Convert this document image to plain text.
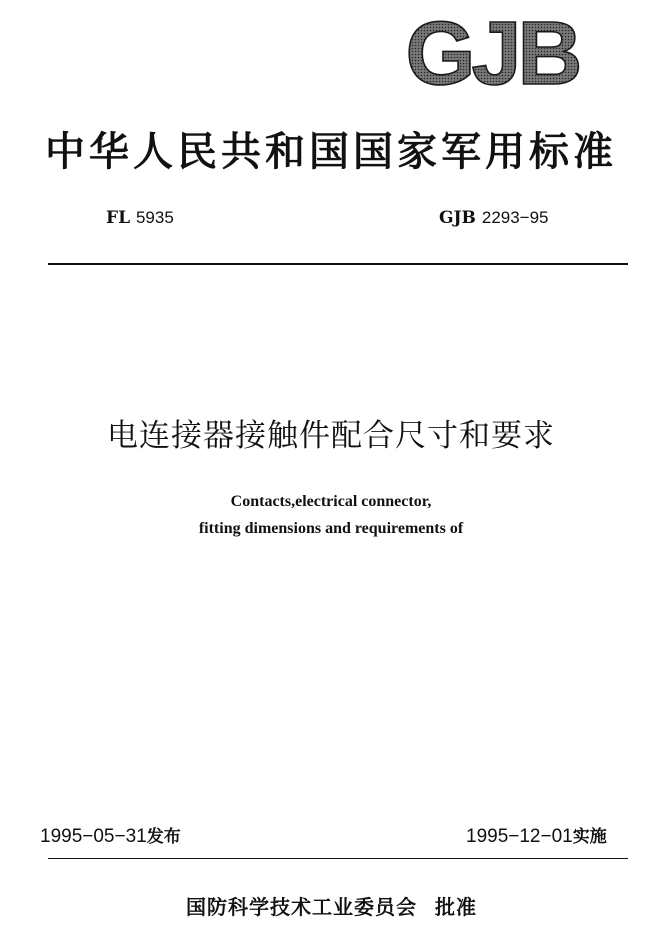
GJB
中华人民共和国国家军用标准
FL 5935	GJB 2293−95
电连接器接触件配合尺寸和要求
Contacts,electrical connector,
fitting dimensions and requirements of
1995−05−31发布	1995−12−01实施
国防科学技术工业委员会 批准
